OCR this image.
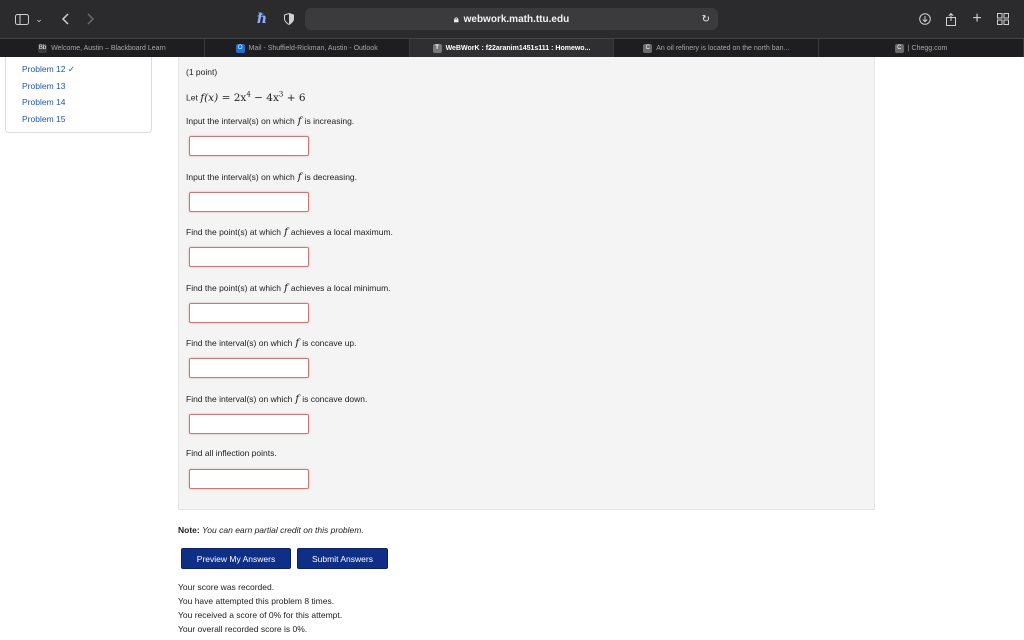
⌄	ℏ	🔒︎ webwork.math.ttu.edu	↻	+
Bb Welcome, Austin – Blackboard Learn	O Mail - Shuffield-Rickman, Austin - Outlook	T WeBWorK : f22aranim1451s111 : Homewo...	C An oil refinery is located on the north ban...	C | Chegg.com
Problem 12 ✓
Problem 13
Problem 14
Problem 15
(1 point)
Let $f(x) = 2x^4 - 4x^3 + 6$
Input the interval(s) on which f is increasing.
Input the interval(s) on which f is decreasing.
Find the point(s) at which f achieves a local maximum.
Find the point(s) at which f achieves a local minimum.
Find the interval(s) on which f is concave up.
Find the interval(s) on which f is concave down.
Find all inflection points.
Note: You can earn partial credit on this problem.
Preview My Answers	Submit Answers
Your score was recorded.
You have attempted this problem 8 times.
You received a score of 0% for this attempt.
Your overall recorded score is 0%.
